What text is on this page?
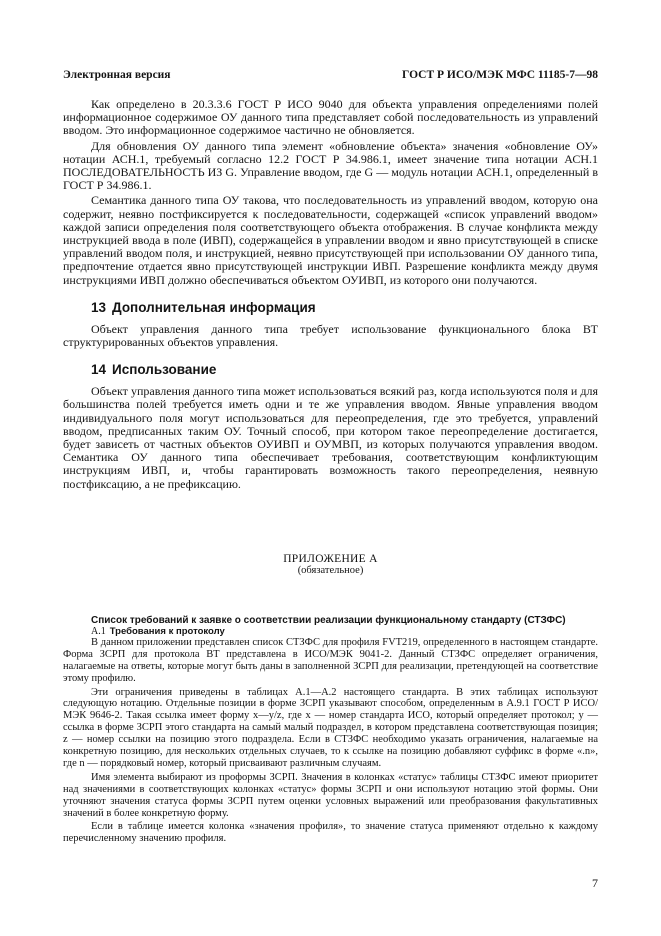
Электронная версия	ГОСТ Р ИСО/МЭК МФС 11185-7—98

Как определено в 20.3.3.6 ГОСТ Р ИСО 9040 для объекта управления определениями полей информационное содержимое ОУ данного типа представляет собой последовательность из управлений вводом. Это информационное содержимое частично не обновляется.

Для обновления ОУ данного типа элемент «обновление объекта» значения «обновление ОУ» нотации АСН.1, требуемый согласно 12.2 ГОСТ Р 34.986.1, имеет значение типа нотации АСН.1 ПОСЛЕДОВАТЕЛЬНОСТЬ ИЗ G. Управление вводом, где G — модуль нотации АСН.1, определенный в ГОСТ Р 34.986.1.

Семантика данного типа ОУ такова, что последовательность из управлений вводом, которую она содержит, неявно постфиксируется к последовательности, содержащей «список управлений вводом» каждой записи определения поля соответствующего объекта отображения. В случае конфликта между инструкцией ввода в поле (ИВП), содержащейся в управлении вводом и явно присутствующей в списке управлений вводом поля, и инструкцией, неявно присутствующей при использовании ОУ данного типа, предпочтение отдается явно присутствующей инструкции ИВП. Разрешение конфликта между двумя инструкциями ИВП должно обеспечиваться объектом ОУИВП, из которого они получаются.

13 Дополнительная информация

Объект управления данного типа требует использование функционального блока ВТ структурированных объектов управления.

14 Использование

Объект управления данного типа может использоваться всякий раз, когда используются поля и для большинства полей требуется иметь одни и те же управления вводом. Явные управления вводом индивидуального поля могут использоваться для переопределения, где это требуется, управлений вводом, предписанных таким ОУ. Точный способ, при котором такое переопределение достигается, будет зависеть от частных объектов ОУИВП и ОУМВП, из которых получаются управления вводом. Семантика ОУ данного типа обеспечивает требования, соответствующим конфликтующим инструкциям ИВП, и, чтобы гарантировать возможность такого переопределения, неявную постфиксацию, а не префиксацию.

ПРИЛОЖЕНИЕ А
(обязательное)

Список требований к заявке о соответствии реализации функциональному стандарту (СТЗФС)

А.1 Требования к протоколу

В данном приложении представлен список СТЗФС для профиля FVT219, определенного в настоящем стандарте. Форма ЗСРП для протокола ВТ представлена в ИСО/МЭК 9041-2. Данный СТЗФС определяет ограничения, налагаемые на ответы, которые могут быть даны в заполненной ЗСРП для реализации, претендующей на соответствие этому профилю.

Эти ограничения приведены в таблицах А.1—А.2 настоящего стандарта. В этих таблицах используют следующую нотацию. Отдельные позиции в форме ЗСРП указывают способом, определенным в А.9.1 ГОСТ Р ИСО/МЭК 9646-2. Такая ссылка имеет форму x—y/z, где x — номер стандарта ИСО, который определяет протокол; y — ссылка в форме ЗСРП этого стандарта на самый малый подраздел, в котором представлена соответствующая позиция; z — номер ссылки на позицию этого подраздела. Если в СТЗФС необходимо указать ограничения, налагаемые на конкретную позицию, для нескольких отдельных случаев, то к ссылке на позицию добавляют суффикс в форме «.n», где n — порядковый номер, который присваивают различным случаям.

Имя элемента выбирают из проформы ЗСРП. Значения в колонках «статус» таблицы СТЗФС имеют приоритет над значениями в соответствующих колонках «статус» формы ЗСРП и они используют нотацию этой формы. Они уточняют значения статуса формы ЗСРП путем оценки условных выражений или преобразования факультативных значений в более конкретную форму.

Если в таблице имеется колонка «значения профиля», то значение статуса применяют отдельно к каждому перечисленному значению профиля.

7
